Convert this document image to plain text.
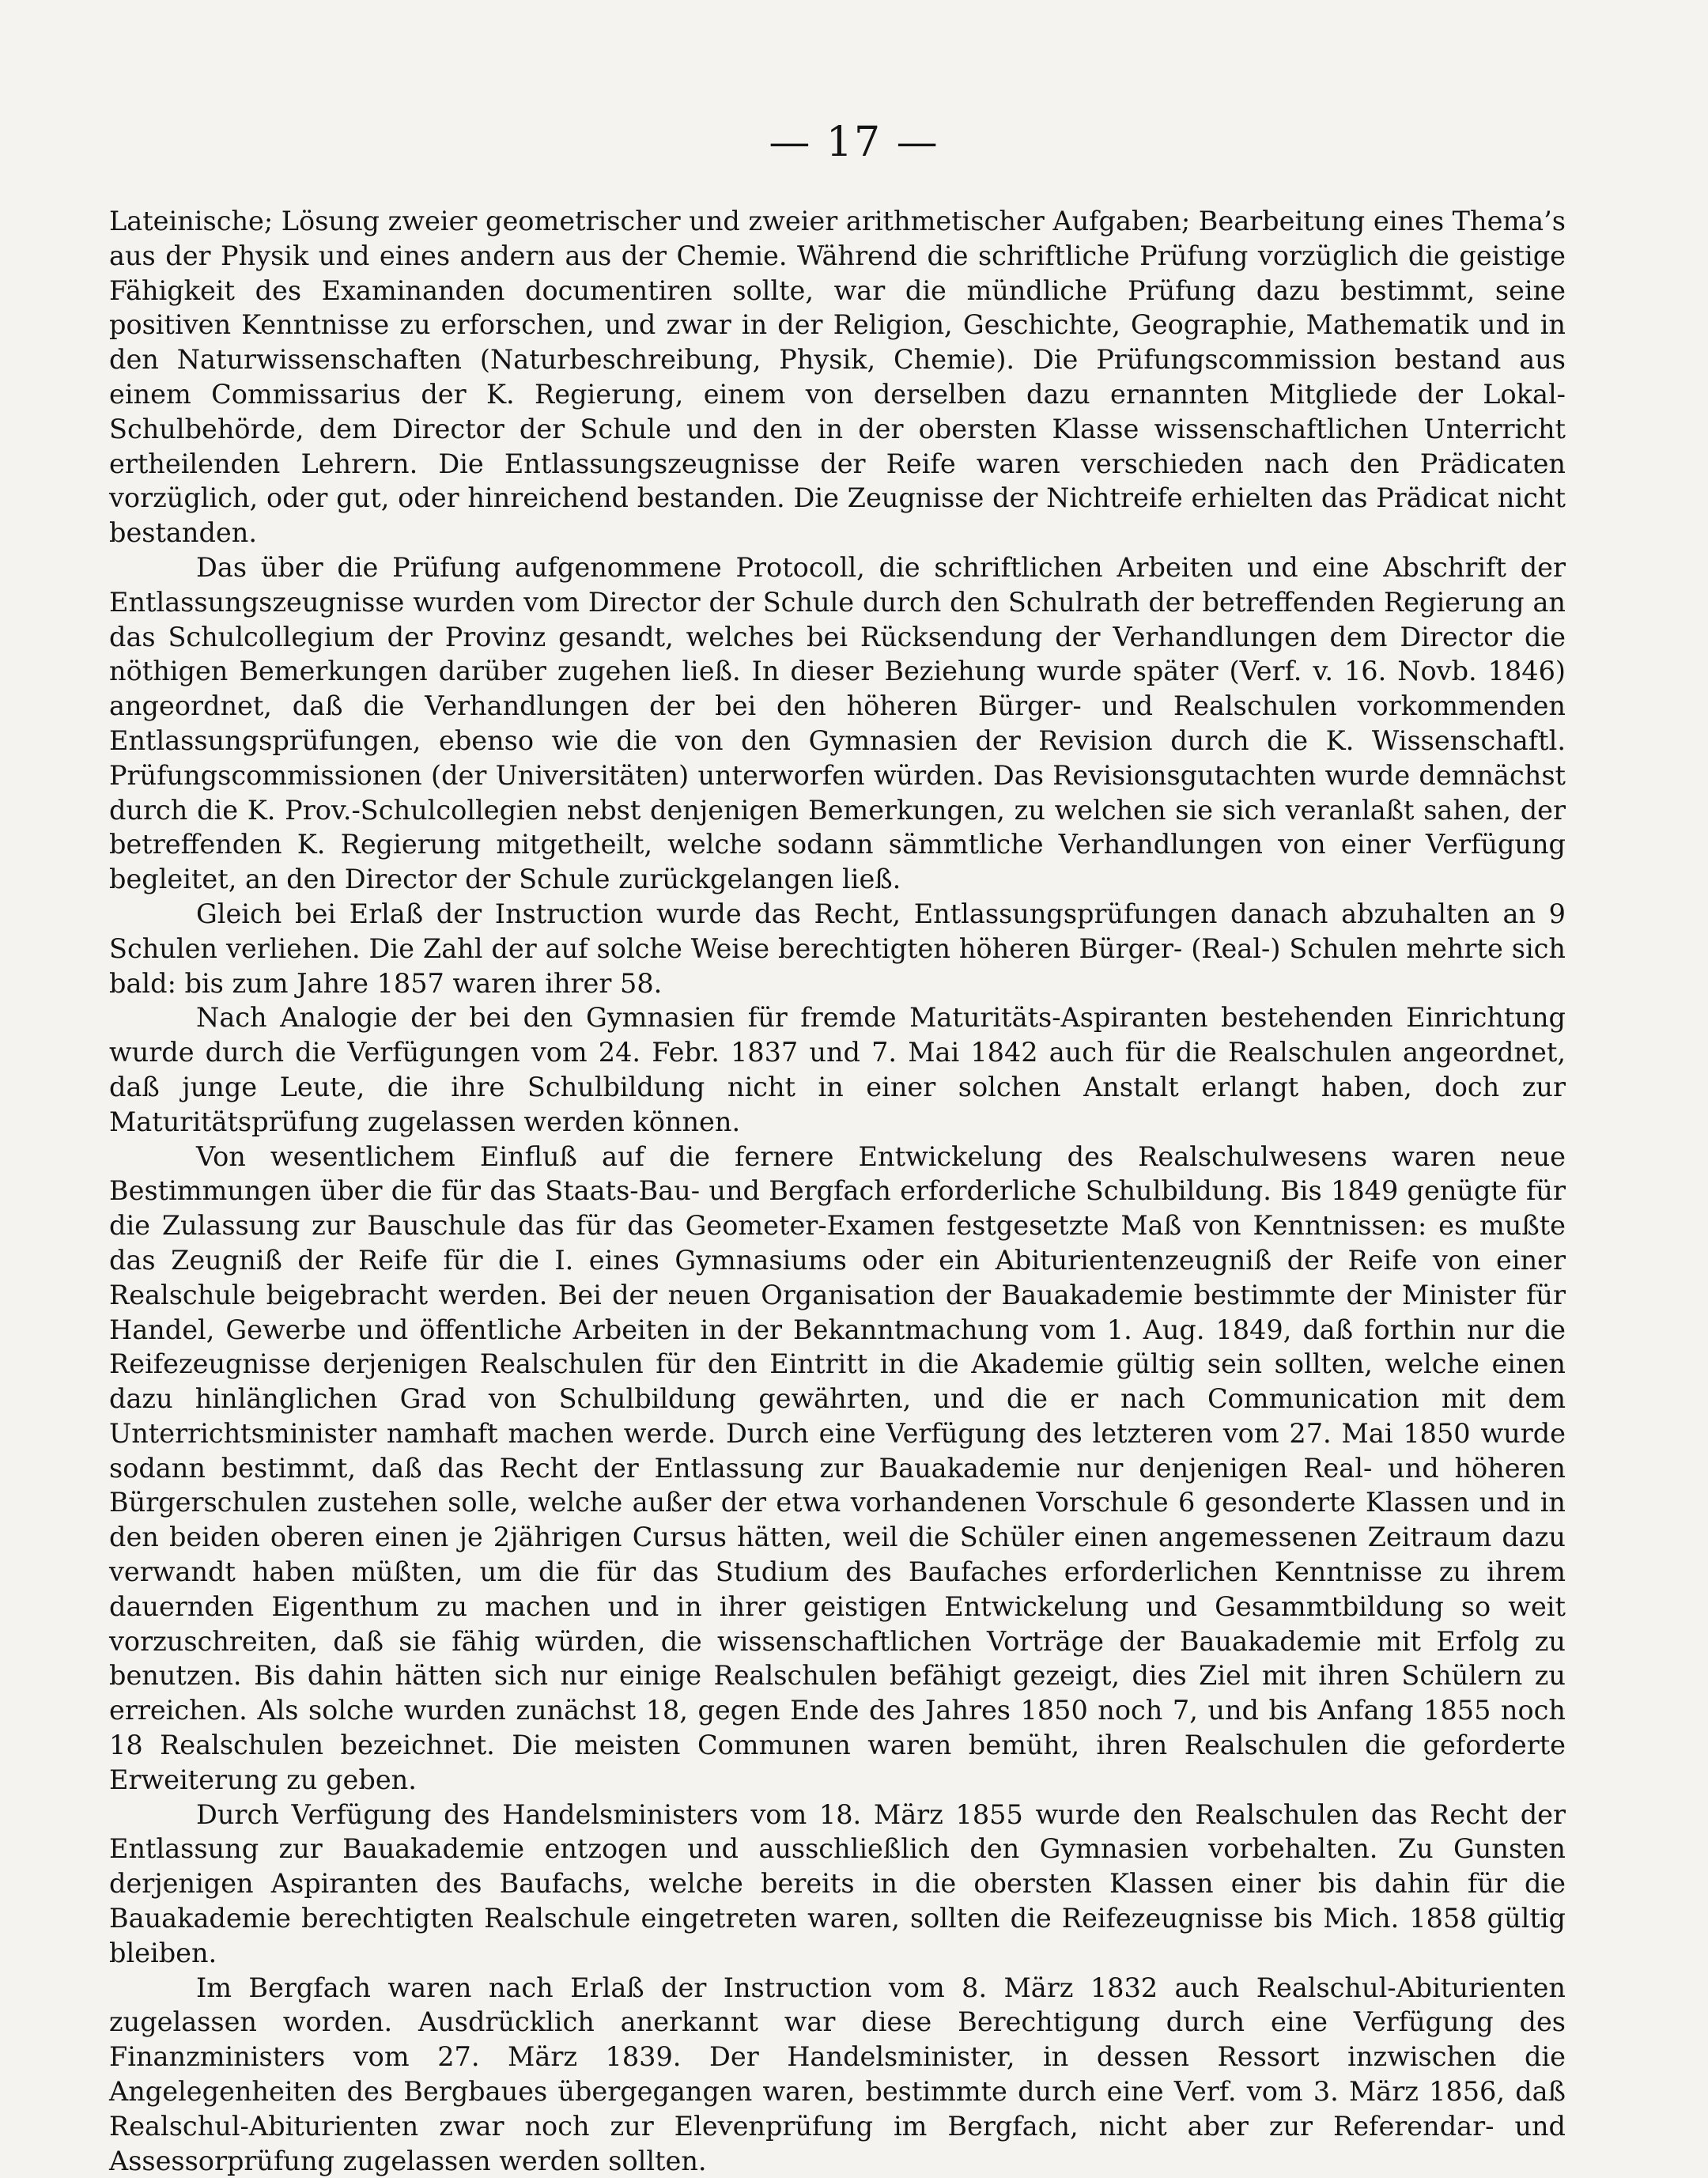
— 17 —

Lateinische; Lösung zweier geometrischer und zweier arithmetischer Aufgaben; Bearbeitung eines Thema’s aus der Physik und eines andern aus der Chemie. Während die schriftliche Prüfung vorzüglich die geistige Fähigkeit des Examinanden documentiren sollte, war die mündliche Prüfung dazu bestimmt, seine positiven Kenntnisse zu erforschen, und zwar in der Religion, Geschichte, Geographie, Mathematik und in den Naturwissenschaften (Naturbeschreibung, Physik, Chemie). Die Prüfungscommission bestand aus einem Commissarius der K. Regierung, einem von derselben dazu ernannten Mitgliede der Lokal-Schulbehörde, dem Director der Schule und den in der obersten Klasse wissenschaftlichen Unterricht ertheilenden Lehrern. Die Entlassungszeugnisse der Reife waren verschieden nach den Prädicaten vorzüglich, oder gut, oder hinreichend bestanden. Die Zeugnisse der Nichtreife erhielten das Prädicat nicht bestanden.

Das über die Prüfung aufgenommene Protocoll, die schriftlichen Arbeiten und eine Abschrift der Entlassungszeugnisse wurden vom Director der Schule durch den Schulrath der betreffenden Regierung an das Schulcollegium der Provinz gesandt, welches bei Rücksendung der Verhandlungen dem Director die nöthigen Bemerkungen darüber zugehen ließ. In dieser Beziehung wurde später (Verf. v. 16. Novb. 1846) angeordnet, daß die Verhandlungen der bei den höheren Bürger- und Realschulen vorkommenden Entlassungsprüfungen, ebenso wie die von den Gymnasien der Revision durch die K. Wissenschaftl. Prüfungscommissionen (der Universitäten) unterworfen würden. Das Revisionsgutachten wurde demnächst durch die K. Prov.-Schulcollegien nebst denjenigen Bemerkungen, zu welchen sie sich veranlaßt sahen, der betreffenden K. Regierung mitgetheilt, welche sodann sämmtliche Verhandlungen von einer Verfügung begleitet, an den Director der Schule zurückgelangen ließ.

Gleich bei Erlaß der Instruction wurde das Recht, Entlassungsprüfungen danach abzuhalten an 9 Schulen verliehen. Die Zahl der auf solche Weise berechtigten höheren Bürger- (Real-) Schulen mehrte sich bald: bis zum Jahre 1857 waren ihrer 58.

Nach Analogie der bei den Gymnasien für fremde Maturitäts-Aspiranten bestehenden Einrichtung wurde durch die Verfügungen vom 24. Febr. 1837 und 7. Mai 1842 auch für die Realschulen angeordnet, daß junge Leute, die ihre Schulbildung nicht in einer solchen Anstalt erlangt haben, doch zur Maturitätsprüfung zugelassen werden können.

Von wesentlichem Einfluß auf die fernere Entwickelung des Realschulwesens waren neue Bestimmungen über die für das Staats-Bau- und Bergfach erforderliche Schulbildung. Bis 1849 genügte für die Zulassung zur Bauschule das für das Geometer-Examen festgesetzte Maß von Kenntnissen: es mußte das Zeugniß der Reife für die I. eines Gymnasiums oder ein Abiturientenzeugniß der Reife von einer Realschule beigebracht werden. Bei der neuen Organisation der Bauakademie bestimmte der Minister für Handel, Gewerbe und öffentliche Arbeiten in der Bekanntmachung vom 1. Aug. 1849, daß forthin nur die Reifezeugnisse derjenigen Realschulen für den Eintritt in die Akademie gültig sein sollten, welche einen dazu hinlänglichen Grad von Schulbildung gewährten, und die er nach Communication mit dem Unterrichtsminister namhaft machen werde. Durch eine Verfügung des letzteren vom 27. Mai 1850 wurde sodann bestimmt, daß das Recht der Entlassung zur Bauakademie nur denjenigen Real- und höheren Bürgerschulen zustehen solle, welche außer der etwa vorhandenen Vorschule 6 gesonderte Klassen und in den beiden oberen einen je 2jährigen Cursus hätten, weil die Schüler einen angemessenen Zeitraum dazu verwandt haben müßten, um die für das Studium des Baufaches erforderlichen Kenntnisse zu ihrem dauernden Eigenthum zu machen und in ihrer geistigen Entwickelung und Gesammtbildung so weit vorzuschreiten, daß sie fähig würden, die wissenschaftlichen Vorträge der Bauakademie mit Erfolg zu benutzen. Bis dahin hätten sich nur einige Realschulen befähigt gezeigt, dies Ziel mit ihren Schülern zu erreichen. Als solche wurden zunächst 18, gegen Ende des Jahres 1850 noch 7, und bis Anfang 1855 noch 18 Realschulen bezeichnet. Die meisten Communen waren bemüht, ihren Realschulen die geforderte Erweiterung zu geben.

Durch Verfügung des Handelsministers vom 18. März 1855 wurde den Realschulen das Recht der Entlassung zur Bauakademie entzogen und ausschließlich den Gymnasien vorbehalten. Zu Gunsten derjenigen Aspiranten des Baufachs, welche bereits in die obersten Klassen einer bis dahin für die Bauakademie berechtigten Realschule eingetreten waren, sollten die Reifezeugnisse bis Mich. 1858 gültig bleiben.

Im Bergfach waren nach Erlaß der Instruction vom 8. März 1832 auch Realschul-Abiturienten zugelassen worden. Ausdrücklich anerkannt war diese Berechtigung durch eine Verfügung des Finanzministers vom 27. März 1839. Der Handelsminister, in dessen Ressort inzwischen die Angelegenheiten des Bergbaues übergegangen waren, bestimmte durch eine Verf. vom 3. März 1856, daß Realschul-Abiturienten zwar noch zur Elevenprüfung im Bergfach, nicht aber zur Referendar- und Assessorprüfung zugelassen werden sollten.
